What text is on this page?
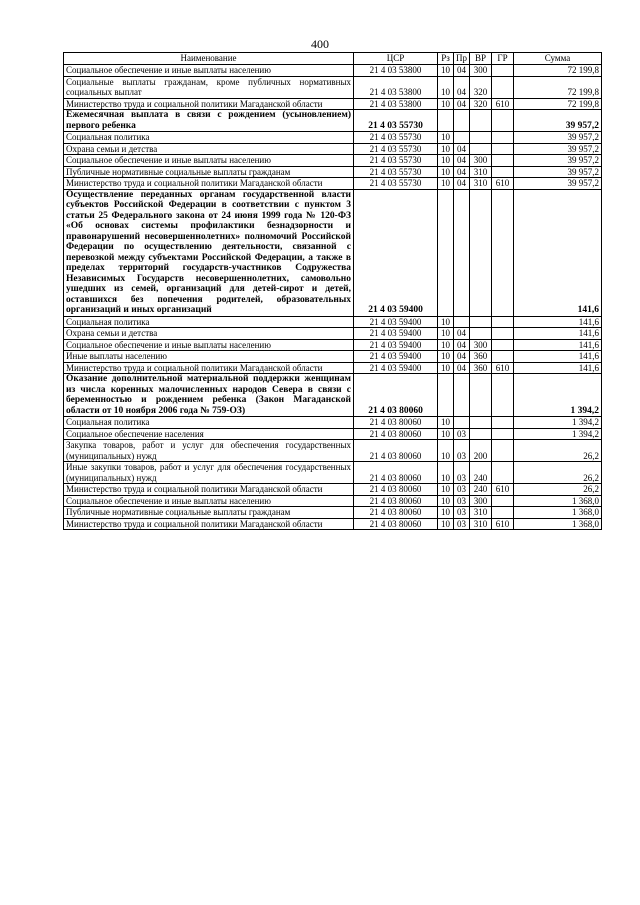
400
Наименование	ЦСР	Рз	Пр	ВР	ГР	Сумма
Социальное обеспечение и иные выплаты населению	21 4 03 53800	10	04	300		72 199,8
Социальные выплаты гражданам, кроме публичных нормативных социальных выплат	21 4 03 53800	10	04	320		72 199,8
Министерство труда и социальной политики Магаданской области	21 4 03 53800	10	04	320	610	72 199,8
Ежемесячная выплата в связи с рождением (усыновлением) первого ребенка	21 4 03 55730					39 957,2
Социальная политика	21 4 03 55730	10				39 957,2
Охрана семьи и детства	21 4 03 55730	10	04			39 957,2
Социальное обеспечение и иные выплаты населению	21 4 03 55730	10	04	300		39 957,2
Публичные нормативные социальные выплаты гражданам	21 4 03 55730	10	04	310		39 957,2
Министерство труда и социальной политики Магаданской области	21 4 03 55730	10	04	310	610	39 957,2
Осуществление переданных органам государственной власти субъектов Российской Федерации в соответствии с пунктом 3 статьи 25 Федерального закона от 24 июня 1999 года № 120-ФЗ «Об основах системы профилактики безнадзорности и правонарушений несовершеннолетних» полномочий Российской Федерации по осуществлению деятельности, связанной с перевозкой между субъектами Российской Федерации, а также в пределах территорий государств-участников Содружества Независимых Государств несовершеннолетних, самовольно ушедших из семей, организаций для детей-сирот и детей, оставшихся без попечения родителей, образовательных организаций и иных организаций	21 4 03 59400					141,6
Социальная политика	21 4 03 59400	10				141,6
Охрана семьи и детства	21 4 03 59400	10	04			141,6
Социальное обеспечение и иные выплаты населению	21 4 03 59400	10	04	300		141,6
Иные выплаты населению	21 4 03 59400	10	04	360		141,6
Министерство труда и социальной политики Магаданской области	21 4 03 59400	10	04	360	610	141,6
Оказание дополнительной материальной поддержки женщинам из числа коренных малочисленных народов Севера в связи с беременностью и рождением ребенка (Закон Магаданской области от 10 ноября 2006 года № 759-ОЗ)	21 4 03 80060					1 394,2
Социальная политика	21 4 03 80060	10				1 394,2
Социальное обеспечение населения	21 4 03 80060	10	03			1 394,2
Закупка товаров, работ и услуг для обеспечения государственных (муниципальных) нужд	21 4 03 80060	10	03	200		26,2
Иные закупки товаров, работ и услуг для обеспечения государственных (муниципальных) нужд	21 4 03 80060	10	03	240		26,2
Министерство труда и социальной политики Магаданской области	21 4 03 80060	10	03	240	610	26,2
Социальное обеспечение и иные выплаты населению	21 4 03 80060	10	03	300		1 368,0
Публичные нормативные социальные выплаты гражданам	21 4 03 80060	10	03	310		1 368,0
Министерство труда и социальной политики Магаданской области	21 4 03 80060	10	03	310	610	1 368,0
